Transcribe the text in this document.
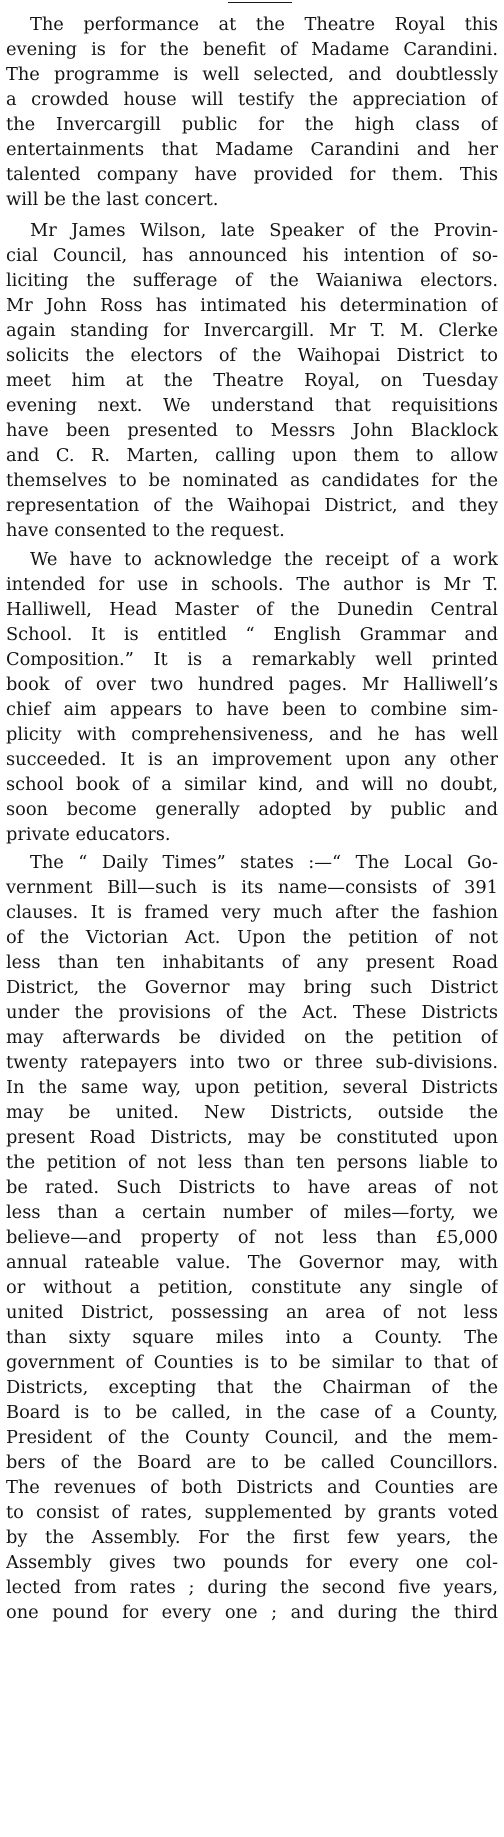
The performance at the Theatre Royal this
evening is for the benefit of Madame Carandini.
The programme is well selected, and doubtlessly
a crowded house will testify the appreciation of
the Invercargill public for the high class of
entertainments that Madame Carandini and her
talented company have provided for them. This
will be the last concert.
Mr James Wilson, late Speaker of the Provin-
cial Council, has announced his intention of so-
liciting the sufferage of the Waianiwa electors.
Mr John Ross has intimated his determination of
again standing for Invercargill. Mr T. M. Clerke
solicits the electors of the Waihopai District to
meet him at the Theatre Royal, on Tuesday
evening next. We understand that requisitions
have been presented to Messrs John Blacklock
and C. R. Marten, calling upon them to allow
themselves to be nominated as candidates for the
representation of the Waihopai District, and they
have consented to the request.
We have to acknowledge the receipt of a work
intended for use in schools. The author is Mr T.
Halliwell, Head Master of the Dunedin Central
School. It is entitled “ English Grammar and
Composition.” It is a remarkably well printed
book of over two hundred pages. Mr Halliwell’s
chief aim appears to have been to combine sim-
plicity with comprehensiveness, and he has well
succeeded. It is an improvement upon any other
school book of a similar kind, and will no doubt,
soon become generally adopted by public and
private educators.
The “ Daily Times” states :—“ The Local Go-
vernment Bill—such is its name—consists of 391
clauses. It is framed very much after the fashion
of the Victorian Act. Upon the petition of not
less than ten inhabitants of any present Road
District, the Governor may bring such District
under the provisions of the Act. These Districts
may afterwards be divided on the petition of
twenty ratepayers into two or three sub-divisions.
In the same way, upon petition, several Districts
may be united. New Districts, outside the
present Road Districts, may be constituted upon
the petition of not less than ten persons liable to
be rated. Such Districts to have areas of not
less than a certain number of miles—forty, we
believe—and property of not less than £5,000
annual rateable value. The Governor may, with
or without a petition, constitute any single of
united District, possessing an area of not less
than sixty square miles into a County. The
government of Counties is to be similar to that of
Districts, excepting that the Chairman of the
Board is to be called, in the case of a County,
President of the County Council, and the mem-
bers of the Board are to be called Councillors.
The revenues of both Districts and Counties are
to consist of rates, supplemented by grants voted
by the Assembly. For the first few years, the
Assembly gives two pounds for every one col-
lected from rates ; during the second five years,
one pound for every one ; and during the third
